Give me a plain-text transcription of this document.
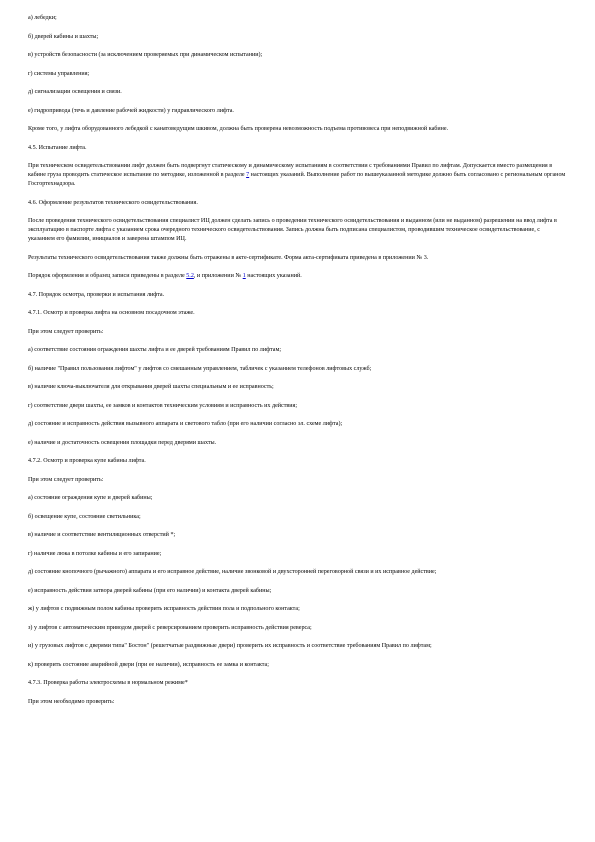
а) лебедки;

б) дверей кабины и шахты;

в) устройств безопасности (за исключением проверяемых при динамическом испытании);

г) системы управления;

д) сигнализации освещения и связи.

е) гидропривода (течь и давление рабочей жидкости) у гидравлического лифта.

Кроме того, у лифта оборудованного лебедкой с канатоведущим шкивом, должна быть проверена невозможность подъема противовеса при неподвижной кабине.

4.5. Испытание лифта.

При техническом освидетельствовании лифт должен быть подвергнут статическому и динамическому испытаниям в соответствии с требованиями Правил по лифтам. Допускается вместо размещения в кабине груза проводить статическое испытание по методике, изложенной в разделе 7 настоящих указаний. Выполнение работ по вышеуказанной методике должно быть согласовано с региональным органом Госгортехнадзора.

4.6. Оформление результатов технического освидетельствования.

После проведения технического освидетельствования специалист ИЦ должен сделать запись о проведении технического освидетельствования и выданном (или не выданном) разрешении на ввод лифта в эксплуатацию в паспорте лифта с указанием срока очередного технического освидетельствования. Запись должна быть подписана специалистом, проводившим техническое освидетельствование, с указанием его фамилии, инициалов и заверена штампом ИЦ.

Результаты технического освидетельствования также должны быть отражены в акте-сертификате. Форма акта-сертификата приведена в приложении № 3.

Порядок оформления и образец записи приведены в разделе 5.2, и приложении № 1 настоящих указаний.

4.7. Порядок осмотра, проверки и испытания лифта.

4.7.1. Осмотр и проверка лифта на основном посадочном этаже.

При этом следует проверить:

а) соответствие состояния ограждения шахты лифта и ее дверей требованиям Правил по лифтам;

б) наличие "Правил пользования лифтом" у лифтов со смешанным управлением, табличек с указанием телефонов лифтовых служб;

в) наличие ключа-выключателя для открывания дверей шахты специальным и ее исправность;

г) соответствие двери шахты, ее замков и контактов техническим условиям и исправность их действия;

д) состояние и исправность действия вызывного аппарата и светового табло (при его наличии согласно эл. схеме лифта);

е) наличие и достаточность освещения площадки перед дверями шахты.

4.7.2. Осмотр и проверка купе кабины лифта.

При этом следует проверить:

а) состояние ограждения купе и дверей кабины;

б) освещение купе, состояние светильника;

в) наличие и соответствие вентиляционных отверстий *;

г) наличие люка в потолке кабины и его запирание;

д) состояние кнопочного (рычажного) аппарата и его исправное действие, наличие звонковой и двухсторонней переговорной связи и их исправное действие;

е) исправность действия затвора дверей кабины (при его наличии) и контакта дверей кабины;

ж) у лифтов с подвижным полом кабины проверить исправность действия пола и подпольного контакта;

з) у лифтов с автоматическим приводом дверей с реверсированием проверить исправность действия реверса;

и) у грузовых лифтов с дверями типа" Бостон" (решетчатые раздвижные двери) проверить их исправность и соответствие требованиям Правил по лифтам;

к) проверить состояние аварийной двери (при ее наличии), исправность ее замка и контакта;

4.7.3. Проверка работы электросхемы в нормальном режиме*

При этом необходимо проверить:
